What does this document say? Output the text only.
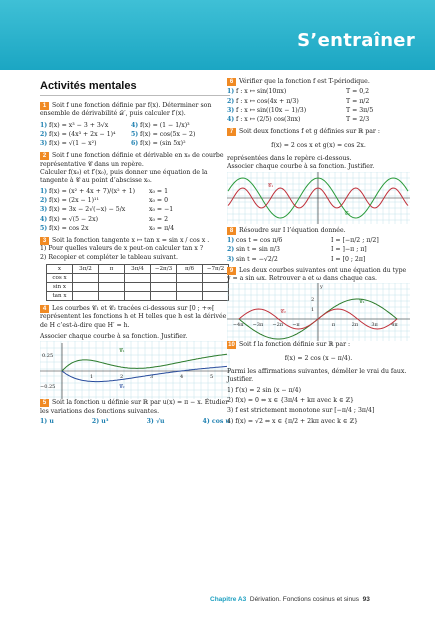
S’entraîner
Activités mentales

1 Soit f une fonction définie par f(x). Déterminer son ensemble de dérivabilité 𝒟′, puis calculer f′(x).

1) f(x) = x³ − 3 + 3√x	4) f(x) = (1 − 1/x)³
2) f(x) = (4x³ + 2x − 1)⁴	5) f(x) = cos(5x − 2)
3) f(x) = √(1 − x²)	6) f(x) = (sin 5x)²

2 Soit f une fonction définie et dérivable en x₀ de courbe représentative 𝒞 dans un repère.

Calculer f(x₀) et f′(x₀), puis donner une équation de la tangente à 𝒞 au point d’abscisse x₀.

1) f(x) = (x² + 4x + 7)/(x² + 1)	x₀ = 1
2) f(x) = (2x − 1)¹¹	x₀ = 0
3) f(x) = 3x − 2√(−x) − 5/x	x₀ = −1
4) f(x) = √(5 − 2x)	x₀ = 2
5) f(x) = cos 2x	x₀ = π/4

3 Soit la fonction tangente x ↦ tan x = sin x / cos x .

1) Pour quelles valeurs de x peut-on calculer tan x ?

2) Recopier et compléter le tableau suivant.

x	3π/2	π	3π/4	−2π/3	π/6	−7π/2
cos x						
sin x						
tan x						

4 Les courbes 𝒞₁ et 𝒞₂ tracées ci-dessous sur [0 ; +∞[ représentent les fonctions h et H telles que h est la dérivée de H c’est-à-dire que H′ = h.

Associer chaque courbe à sa fonction. Justifier.

0.25
−0.25
1	2	3	4	5
𝒞₁
𝒞₂

5 Soit la fonction u définie sur ℝ par u(x) = π − x. Étudier les variations des fonctions suivantes.

1) u	2) u³	3) √u	4) cos u

6 Vérifier que la fonction f est T-périodique.

1) f : x ↦ sin(10πx)	T = 0,2
2) f : x ↦ cos(4x + π/3)	T = π/2
3) f : x ↦ sin((10x − 1)/3)	T = 3π/5
4) f : x ↦ (2/5) cos(3πx)	T = 2/3

7 Soit deux fonctions f et g définies sur ℝ par :

f(x) = 2 cos x et g(x) = cos 2x.

représentées dans le repère ci-dessous.

Associer chaque courbe à sa fonction. Justifier.

𝒞₁
𝒞₂

8 Résoudre sur I l’équation donnée.

1) cos t = cos π/6	I = [−π/2 ; π/2]
2) sin t = sin π/3	I = ]−π ; π]
3) sin t = −√2/2	I = [0 ; 2π]

9 Les deux courbes suivantes ont une équation du type y = a sin ωx. Retrouver a et ω dans chaque cas.

2
1
y
−4π −3π −2π −π	π	2π	3π	4π
𝒞₂
𝒞₁

10 Soit f la fonction définie sur ℝ par :

f(x) = 2 cos (x − π/4).

Parmi les affirmations suivantes, démêler le vrai du faux. Justifier.

1) f′(x) = 2 sin (x − π/4)

2) f(x) = 0 ⇔ x ∈ {3π/4 + kπ avec k ∈ ℤ}

3) f est strictement monotone sur [−π/4 ; 3π/4]

4) f(x) = √2 ⇔ x ∈ {π/2 + 2kπ avec k ∈ ℤ}

Chapitre A3 Dérivation. Fonctions cosinus et sinus 93
